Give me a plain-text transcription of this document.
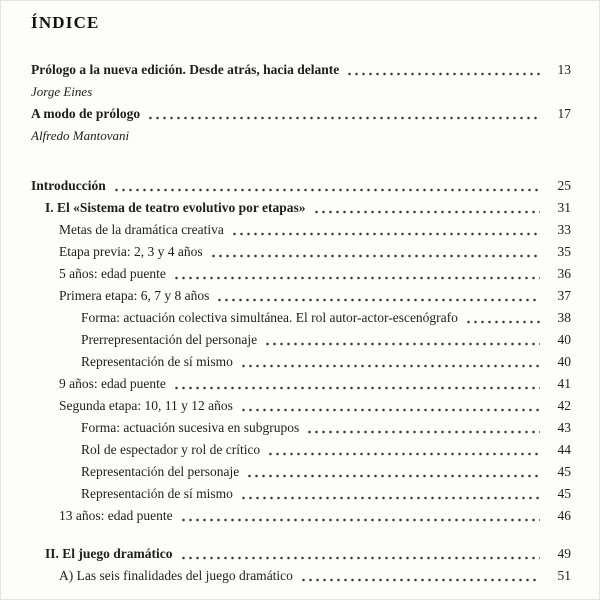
ÍNDICE
Prólogo a la nueva edición. Desde atrás, hacia delante	13
Jorge Eines
A modo de prólogo	17
Alfredo Mantovani
Introducción	25
I. El «Sistema de teatro evolutivo por etapas»	31
Metas de la dramática creativa	33
Etapa previa: 2, 3 y 4 años	35
5 años: edad puente	36
Primera etapa: 6, 7 y 8 años	37
Forma: actuación colectiva simultánea. El rol autor-actor-escenógrafo	38
Prerrepresentación del personaje	40
Representación de sí mismo	40
9 años: edad puente	41
Segunda etapa: 10, 11 y 12 años	42
Forma: actuación sucesiva en subgrupos	43
Rol de espectador y rol de crítico	44
Representación del personaje	45
Representación de sí mismo	45
13 años: edad puente	46
II. El juego dramático	49
A) Las seis finalidades del juego dramático	51
